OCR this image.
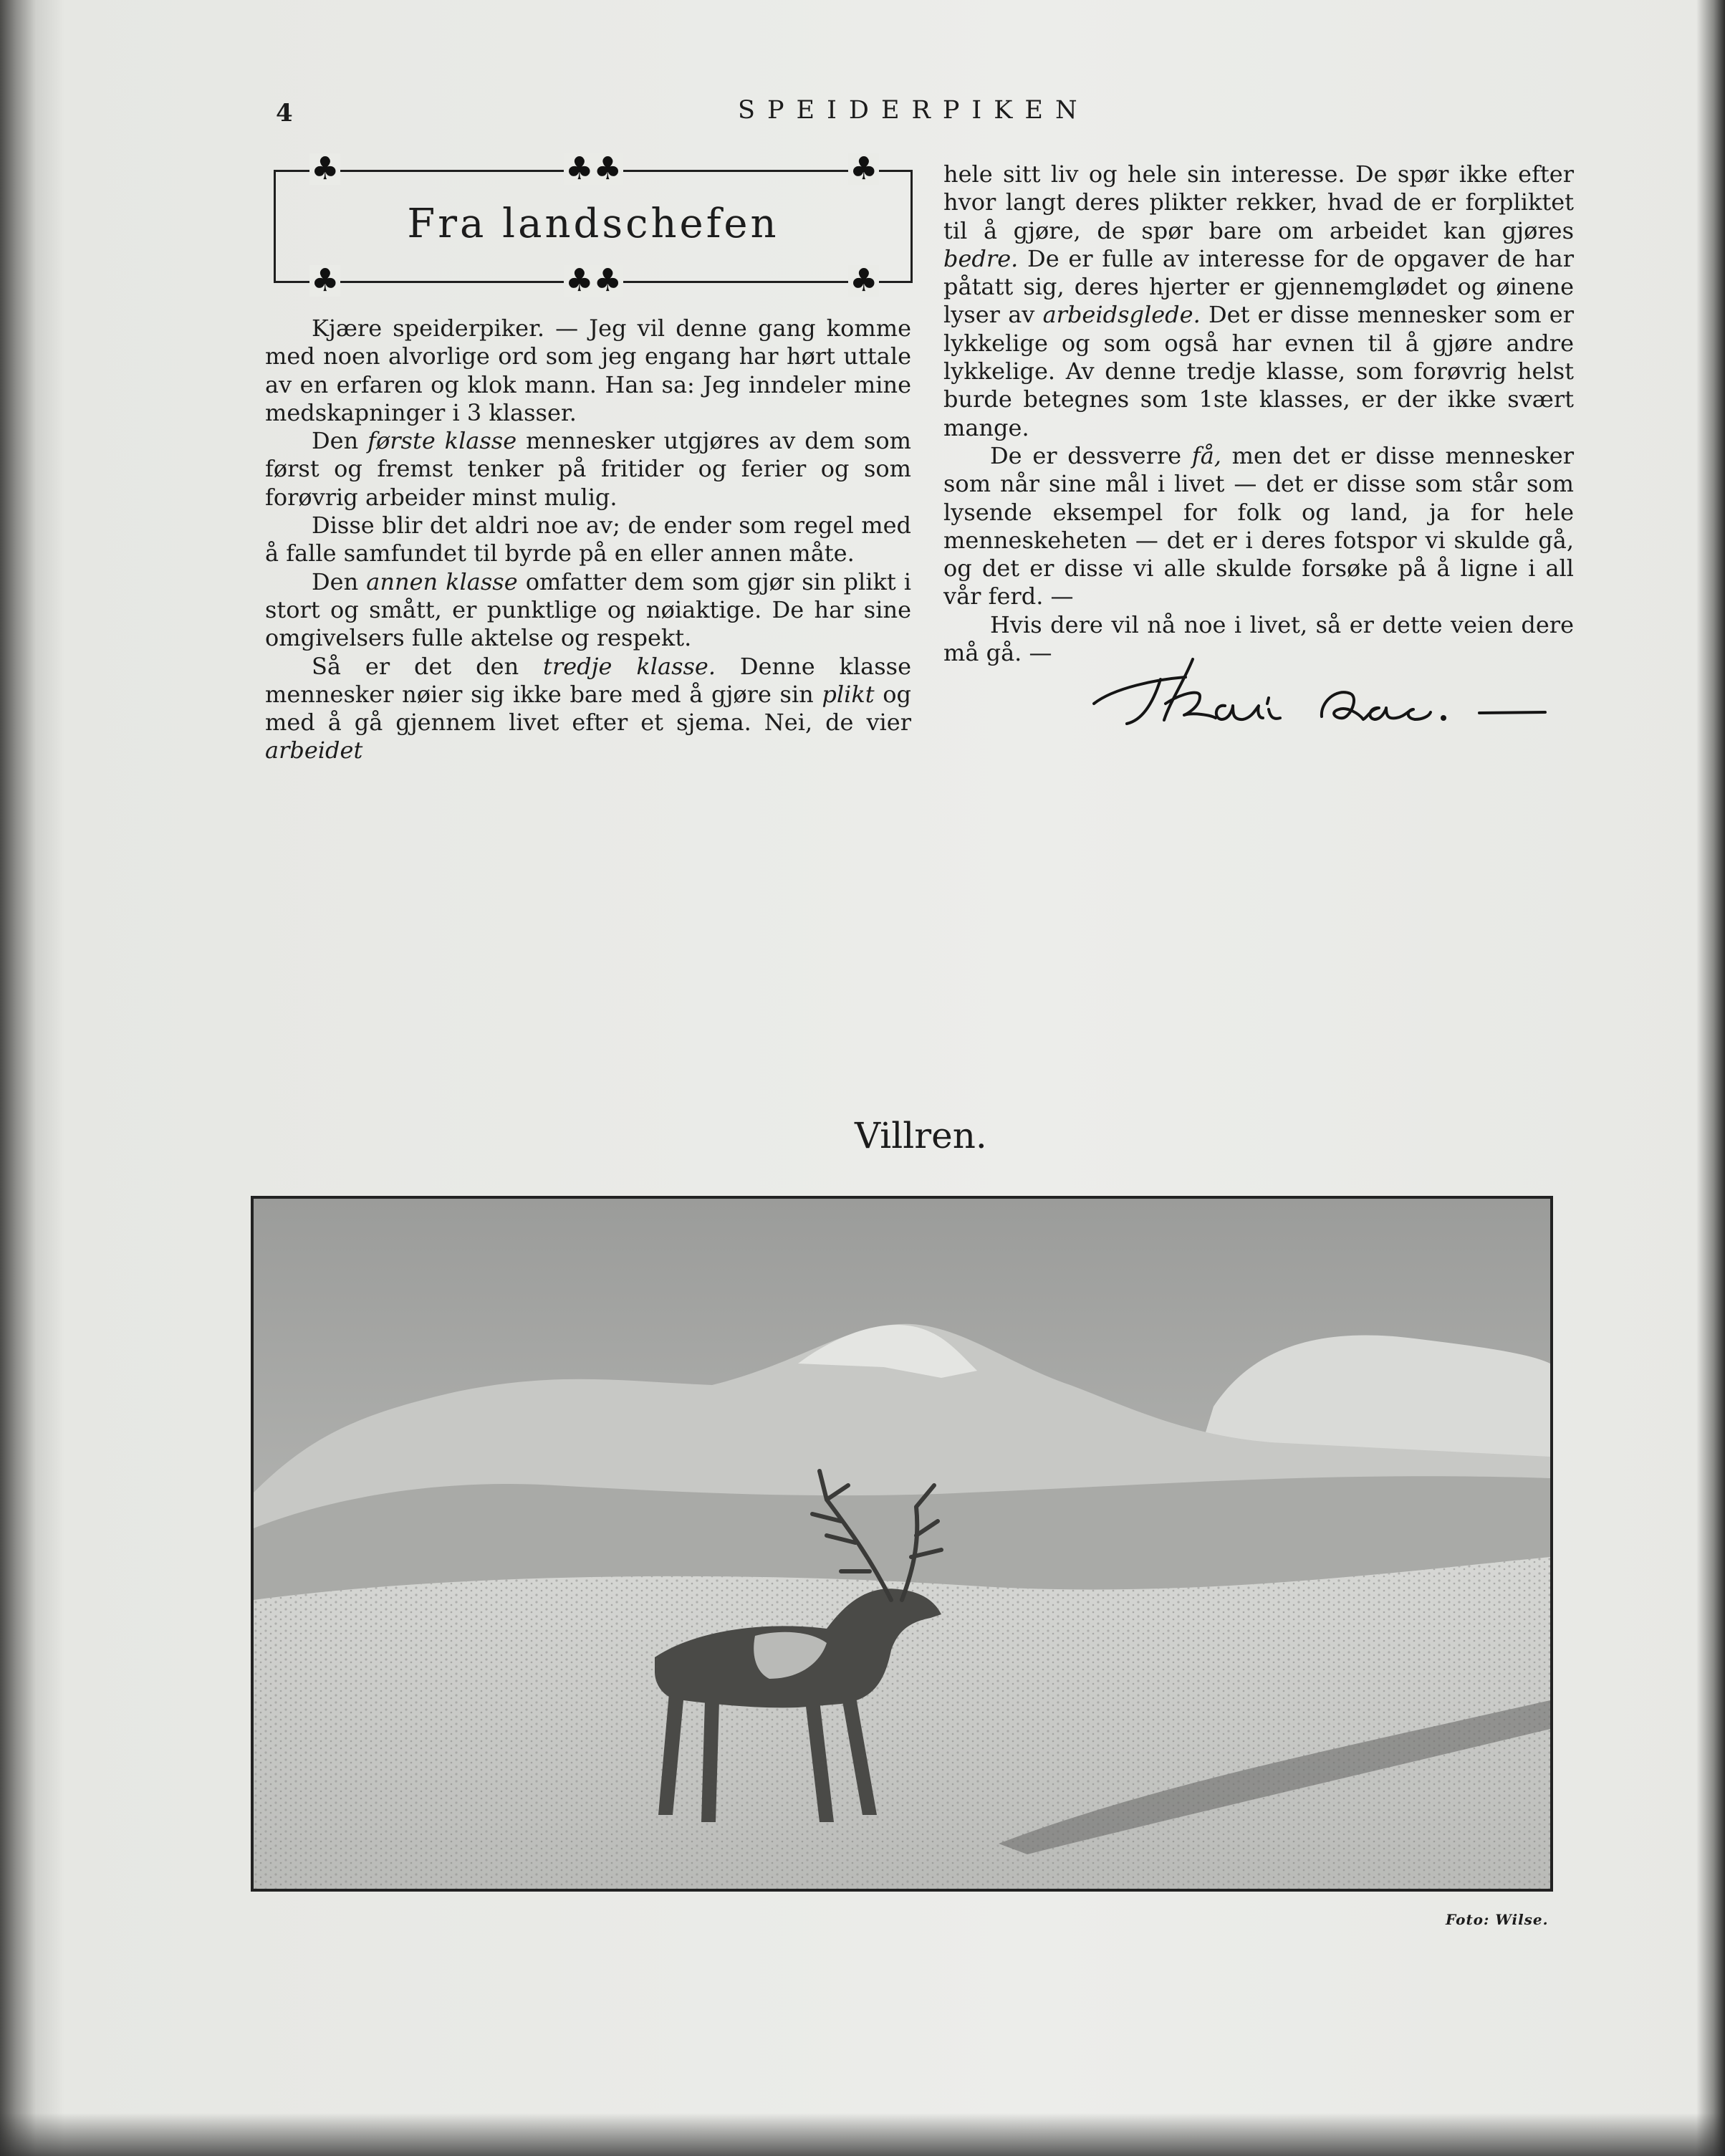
4	SPEIDERPIKEN
Fra landschefen
♣	♣♣	♣
♣	♣♣	♣

Kjære speiderpiker. — Jeg vil denne gang komme med noen alvorlige ord som jeg engang har hørt uttale av en erfaren og klok mann. Han sa: Jeg inndeler mine medskapninger i 3 klasser.

Den første klasse mennesker utgjøres av dem som først og fremst tenker på fritider og ferier og som forøvrig arbeider minst mulig.

Disse blir det aldri noe av; de ender som regel med å falle samfundet til byrde på en eller annen måte.

Den annen klasse omfatter dem som gjør sin plikt i stort og smått, er punktlige og nøiaktige. De har sine omgivelsers fulle aktelse og respekt.

Så er det den tredje klasse. Denne klasse mennesker nøier sig ikke bare med å gjøre sin plikt og med å gå gjennem livet efter et sjema. Nei, de vier arbeidet

hele sitt liv og hele sin interesse. De spør ikke efter hvor langt deres plikter rekker, hvad de er forpliktet til å gjøre, de spør bare om arbeidet kan gjøres bedre. De er fulle av interesse for de opgaver de har påtatt sig, deres hjerter er gjennemglødet og øinene lyser av arbeidsglede. Det er disse mennesker som er lykkelige og som også har evnen til å gjøre andre lykkelige. Av denne tredje klasse, som forøvrig helst burde betegnes som 1ste klasses, er der ikke svært mange.

De er dessverre få, men det er disse mennesker som når sine mål i livet — det er disse som står som lysende eksempel for folk og land, ja for hele menneskeheten — det er i deres fotspor vi skulde gå, og det er disse vi alle skulde forsøke på å ligne i all vår ferd. —

Hvis dere vil nå noe i livet, så er dette veien dere må gå. —

Villren.
Foto: Wilse.
